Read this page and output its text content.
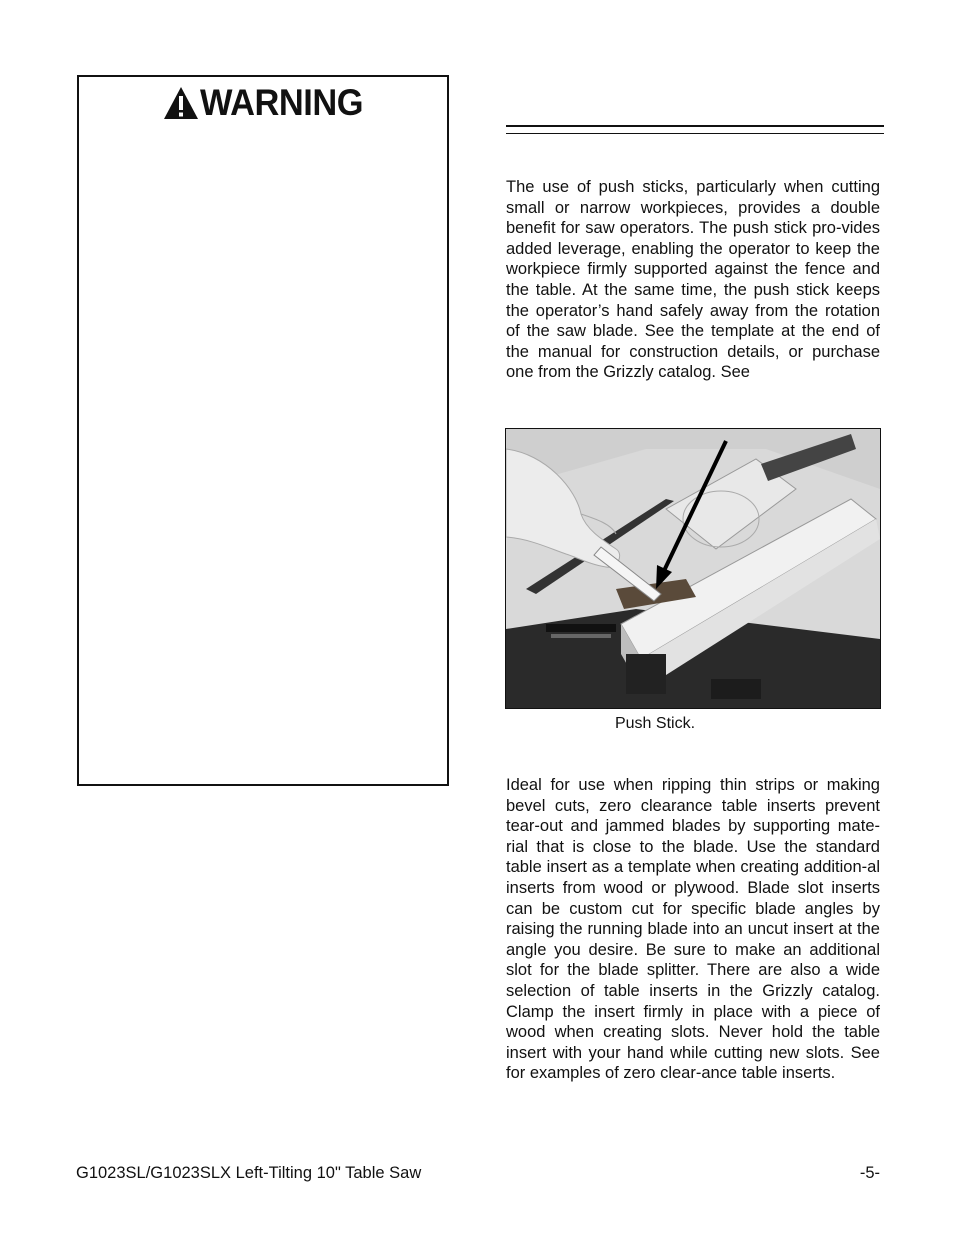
WARNING
The use of push sticks, particularly when cutting small or narrow workpieces, provides a double benefit for saw operators. The push stick pro-vides added leverage, enabling the operator to keep the workpiece firmly supported against the fence and the table. At the same time, the push stick keeps the operator’s hand safely away from the rotation of the saw blade. See the template at the end of the manual for construction details, or purchase one from the Grizzly catalog. See
Push Stick.
Ideal for use when ripping thin strips or making bevel cuts, zero clearance table inserts prevent tear-out and jammed blades by supporting mate-rial that is close to the blade. Use the standard table insert as a template when creating addition-al inserts from wood or plywood. Blade slot inserts can be custom cut for specific blade angles by raising the running blade into an uncut insert at the angle you desire. Be sure to make an additional slot for the blade splitter. There are also a wide selection of table inserts in the Grizzly catalog. Clamp the insert firmly in place with a piece of wood when creating slots. Never hold the table insert with your hand while cutting new slots. See for examples of zero clear-ance table inserts.
G1023SL/G1023SLX Left-Tilting 10" Table Saw	-5-
